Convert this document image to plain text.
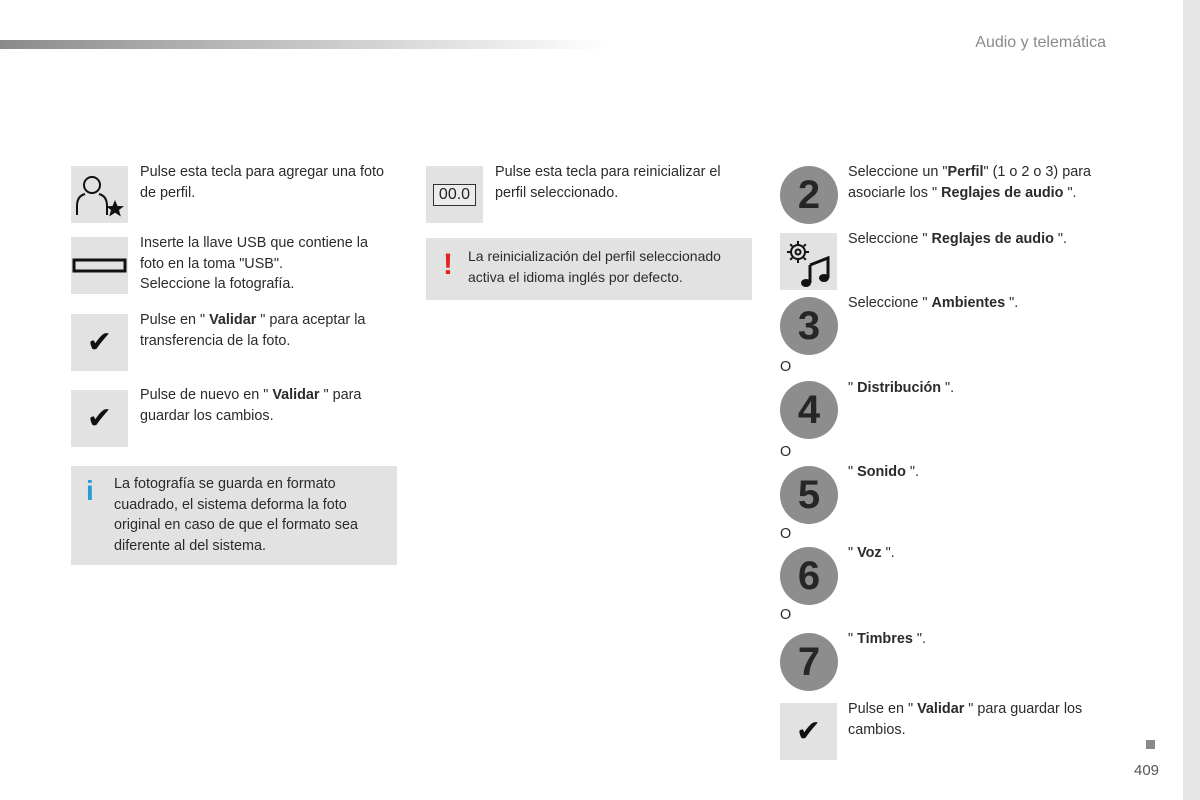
Audio y telemática
409
Pulse esta tecla para agregar una foto de perfil.
Inserte la llave USB que contiene la foto en la toma "USB".
Seleccione la fotografía.
✔
Pulse en " Validar " para aceptar la transferencia de la foto.
✔
Pulse de nuevo en " Validar " para guardar los cambios.
i La fotografía se guarda en formato cuadrado, el sistema deforma la foto original en caso de que el formato sea diferente al del sistema.
00.0
Pulse esta tecla para reinicializar el perfil seleccionado.
! La reinicialización del perfil seleccionado activa el idioma inglés por defecto.
2
Seleccione un "Perfil" (1 o 2 o 3) para asociarle los " Reglajes de audio ".
Seleccione " Reglajes de audio ".
3
Seleccione " Ambientes ".
O
4	" Distribución ".
O
5
" Sonido ".
O
6
" Voz ".
O
7
" Timbres ".
✔
Pulse en " Validar " para guardar los cambios.
